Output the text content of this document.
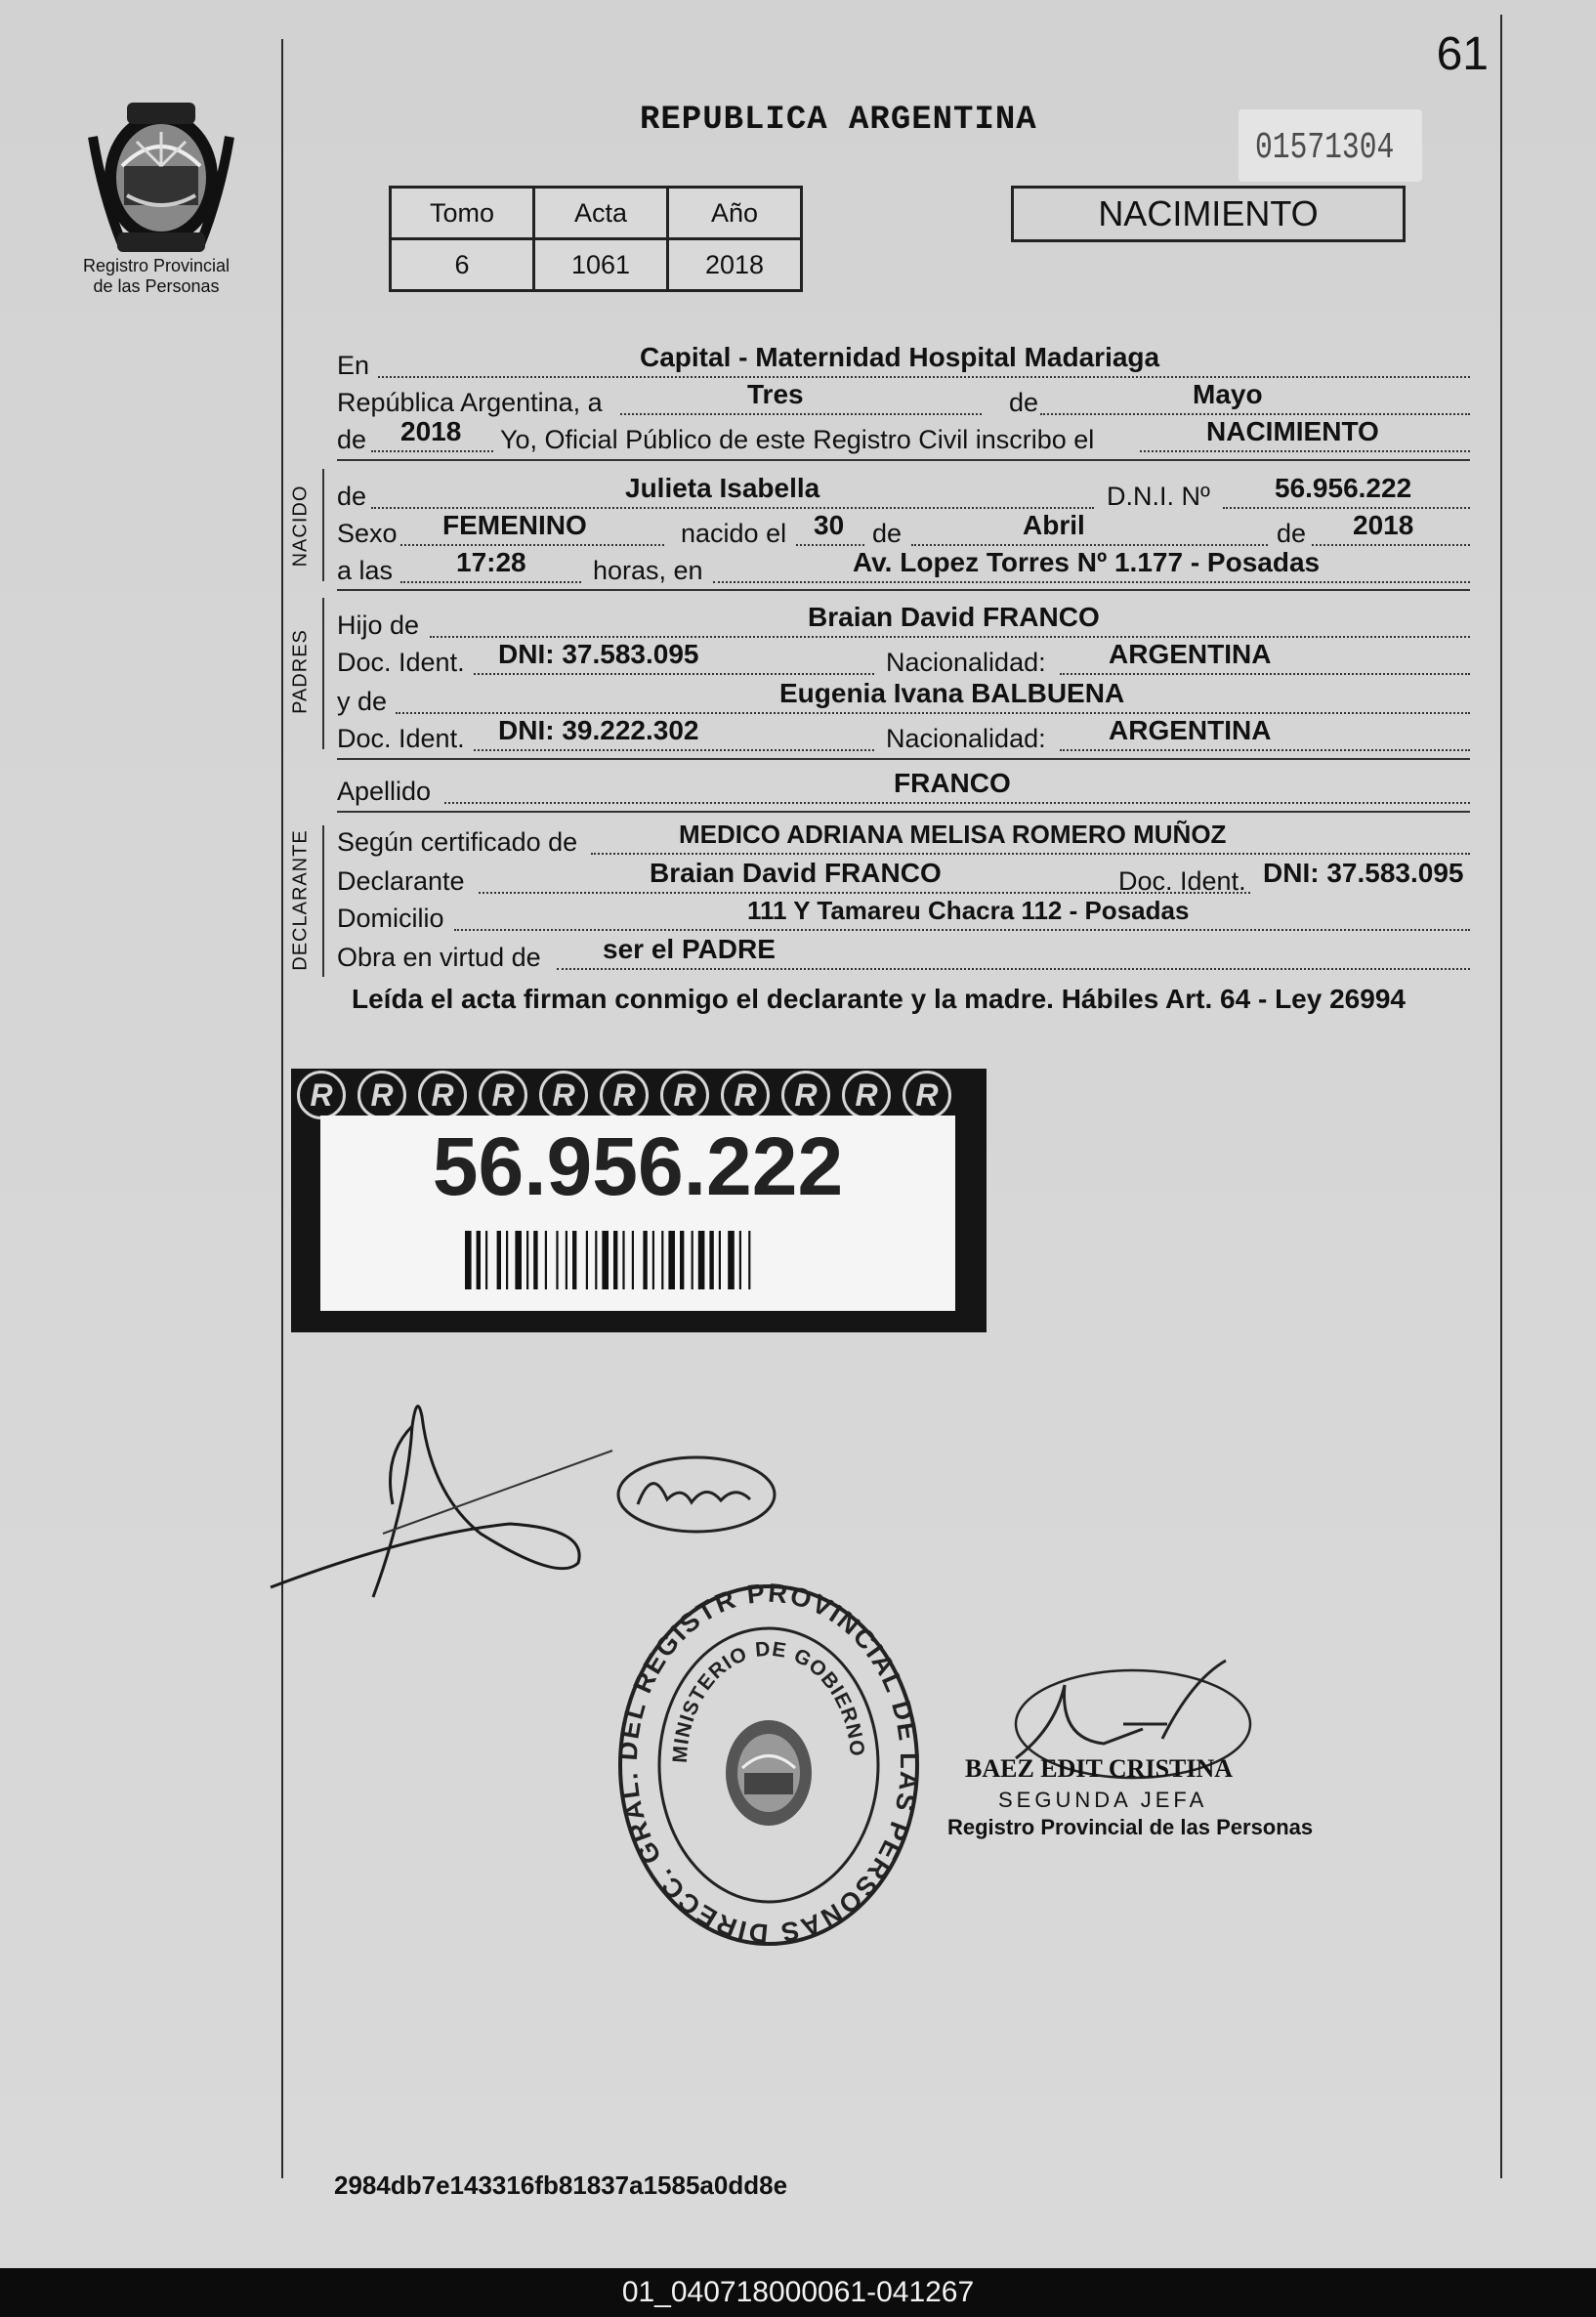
61
Registro Provincial
de las Personas
REPUBLICA ARGENTINA
01571304
Tomo	Acta	Año
6	1061	2018
NACIMIENTO
En	Capital - Maternidad Hospital Madariaga
República Argentina, a	Tres	de	Mayo
de 2018 Yo, Oficial Público de este Registro Civil inscribo el	NACIMIENTO
NACIDO de	Julieta Isabella	D.N.I. Nº 56.956.222
Sexo FEMENINO	nacido el 30 de	Abril	de 2018
a las 17:28	horas, en	Av. Lopez Torres Nº 1.177 - Posadas
PADRES
Hijo de	Braian David FRANCO
Doc. Ident. DNI: 37.583.095	Nacionalidad: ARGENTINA
y de	Eugenia Ivana BALBUENA
Doc. Ident. DNI: 39.222.302	Nacionalidad: ARGENTINA
Apellido	FRANCO
DECLARANTE Según certificado de	MEDICO ADRIANA MELISA ROMERO MUÑOZ
Declarante	Braian David FRANCO	Doc. Ident. DNI: 37.583.095
Domicilio	111 Y Tamareu Chacra 112 - Posadas
Obra en virtud de ser el PADRE
Leída el acta firman conmigo el declarante y la madre. Hábiles Art. 64 - Ley 26994
R	R	R	R	R	R	R	R	R	R	R
56.956.222
DIRECC. GRAL. DEL REGISTR PROVINCIAL DE LAS PERSONAS
MINISTERIO DE GOBIERNO
BAEZ EDIT CRISTINA
SEGUNDA JEFA
Registro Provincial de las Personas
2984db7e143316fb81837a1585a0dd8e
01_040718000061-041267
